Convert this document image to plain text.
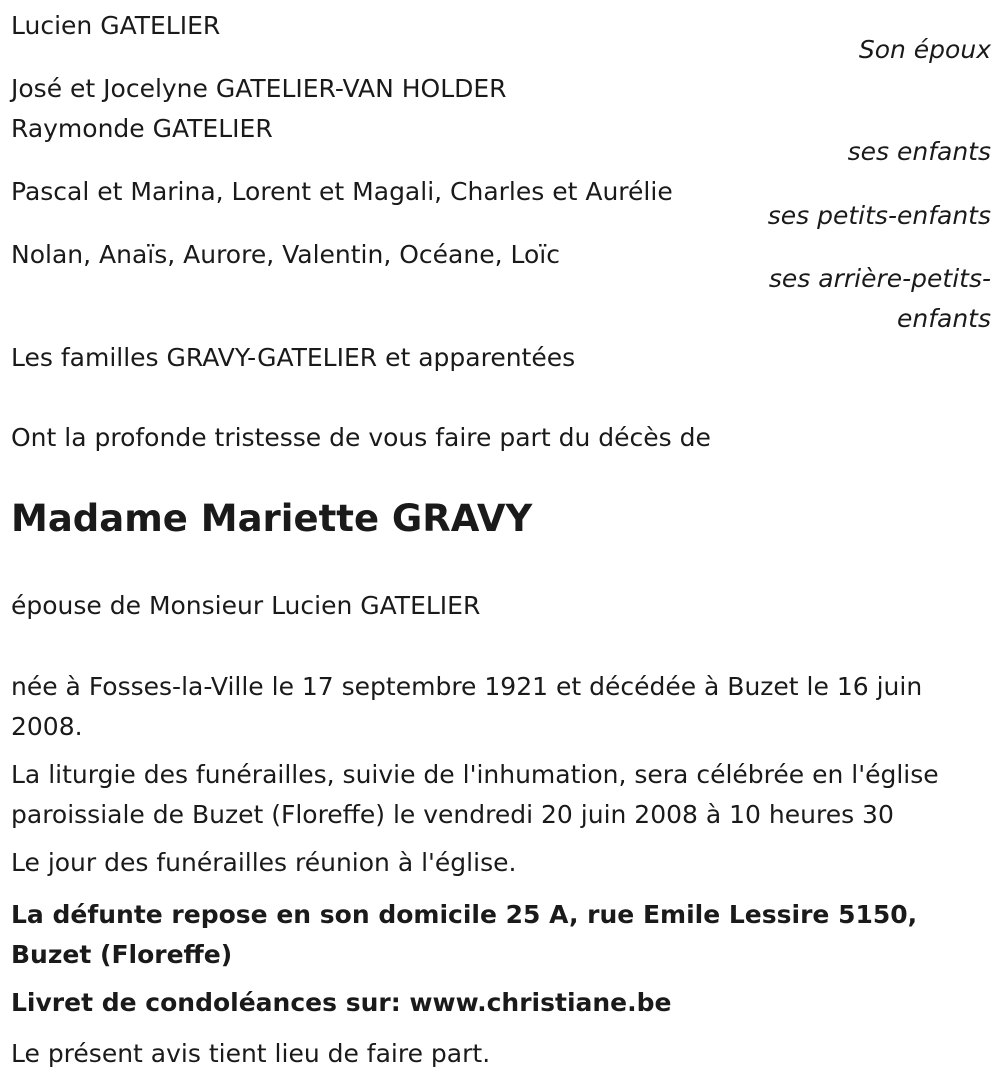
Lucien GATELIER
Son époux
José et Jocelyne GATELIER-VAN HOLDER
Raymonde GATELIER
ses enfants
Pascal et Marina, Lorent et Magali, Charles et Aurélie
ses petits-enfants
Nolan, Anaïs, Aurore, Valentin, Océane, Loïc
ses arrière-petits-enfants
Les familles GRAVY-GATELIER et apparentées
Ont la profonde tristesse de vous faire part du décès de
Madame Mariette GRAVY
épouse de Monsieur Lucien GATELIER
née à Fosses-la-Ville le 17 septembre 1921 et décédée à Buzet le 16 juin 2008.
La liturgie des funérailles, suivie de l'inhumation, sera célébrée en l'église paroissiale de Buzet (Floreffe) le vendredi 20 juin 2008 à 10 heures 30
Le jour des funérailles réunion à l'église.
La défunte repose en son domicile 25 A, rue Emile Lessire 5150, Buzet (Floreffe)
Livret de condoléances sur: www.christiane.be
Le présent avis tient lieu de faire part.
